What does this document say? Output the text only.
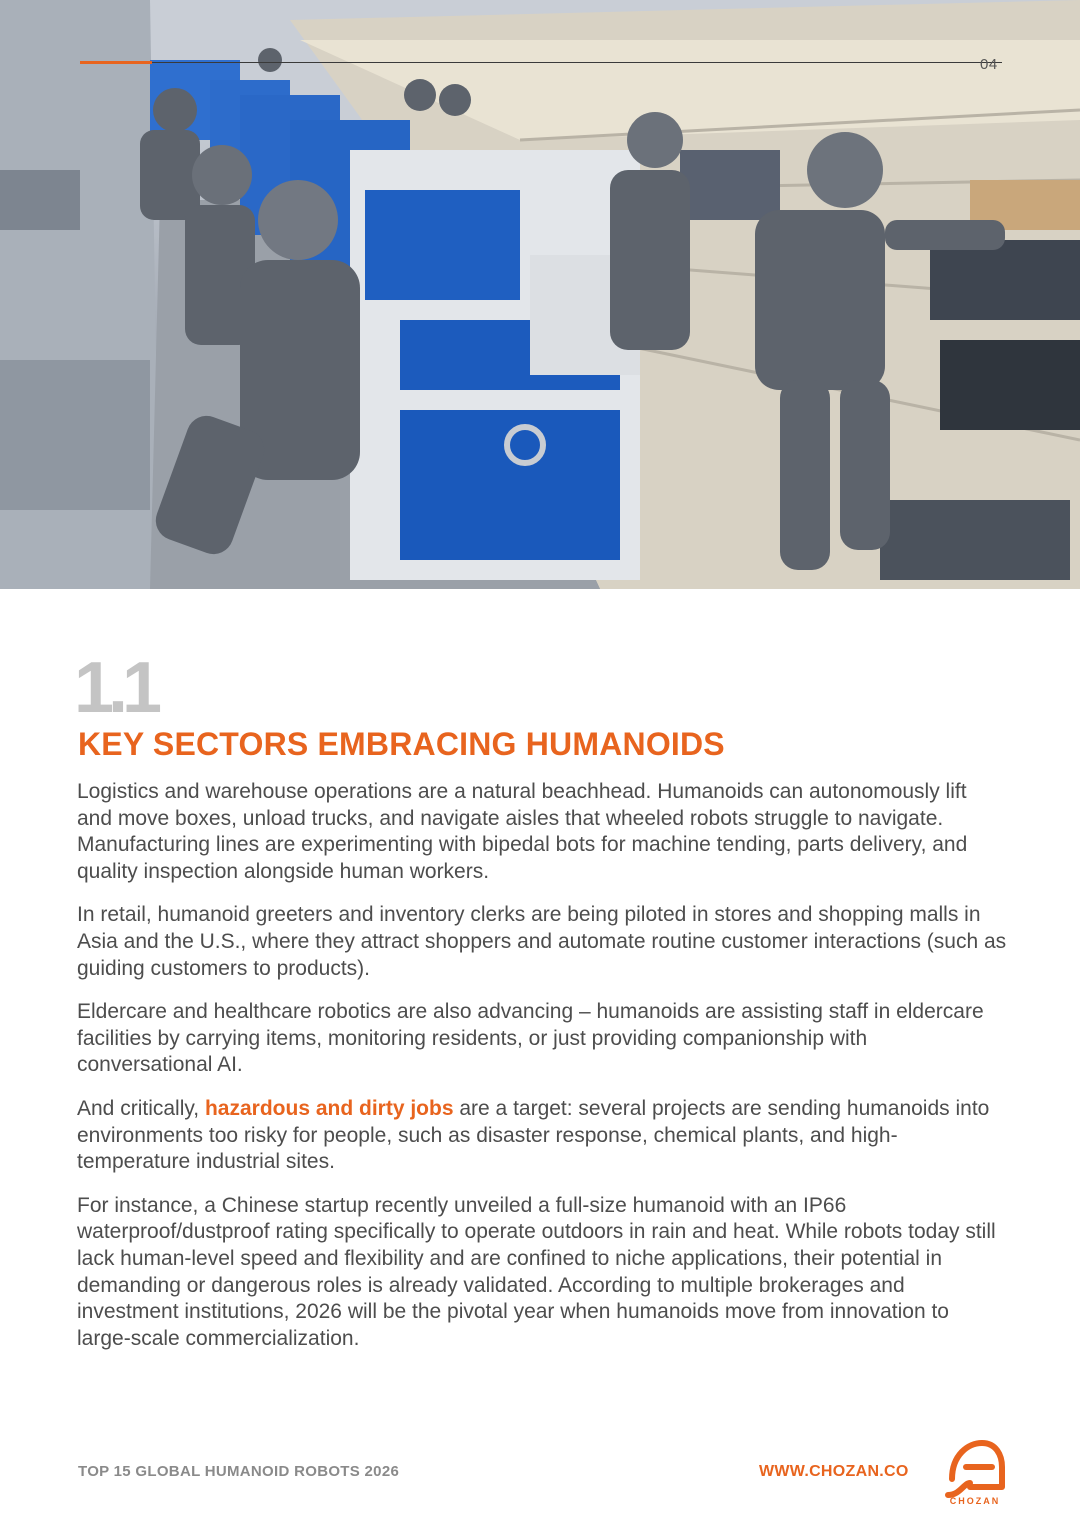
04
1.1
KEY SECTORS EMBRACING HUMANOIDS

Logistics and warehouse operations are a natural beachhead. Humanoids can autonomously lift and move boxes, unload trucks, and navigate aisles that wheeled robots struggle to navigate. Manufacturing lines are experimenting with bipedal bots for machine tending, parts delivery, and quality inspection alongside human workers.

In retail, humanoid greeters and inventory clerks are being piloted in stores and shopping malls in Asia and the U.S., where they attract shoppers and automate routine customer interactions (such as guiding customers to products).

Eldercare and healthcare robotics are also advancing – humanoids are assisting staff in eldercare facilities by carrying items, monitoring residents, or just providing companionship with conversational AI.

And critically, hazardous and dirty jobs are a target: several projects are sending humanoids into environments too risky for people, such as disaster response, chemical plants, and high-temperature industrial sites.

For instance, a Chinese startup recently unveiled a full-size humanoid with an IP66 waterproof/dustproof rating specifically to operate outdoors in rain and heat. While robots today still lack human-level speed and flexibility and are confined to niche applications, their potential in demanding or dangerous roles is already validated. According to multiple brokerages and investment institutions, 2026 will be the pivotal year when humanoids move from innovation to large-scale commercialization.

TOP 15 GLOBAL HUMANOID ROBOTS 2026	WWW.CHOZAN.CO
CHOZAN
